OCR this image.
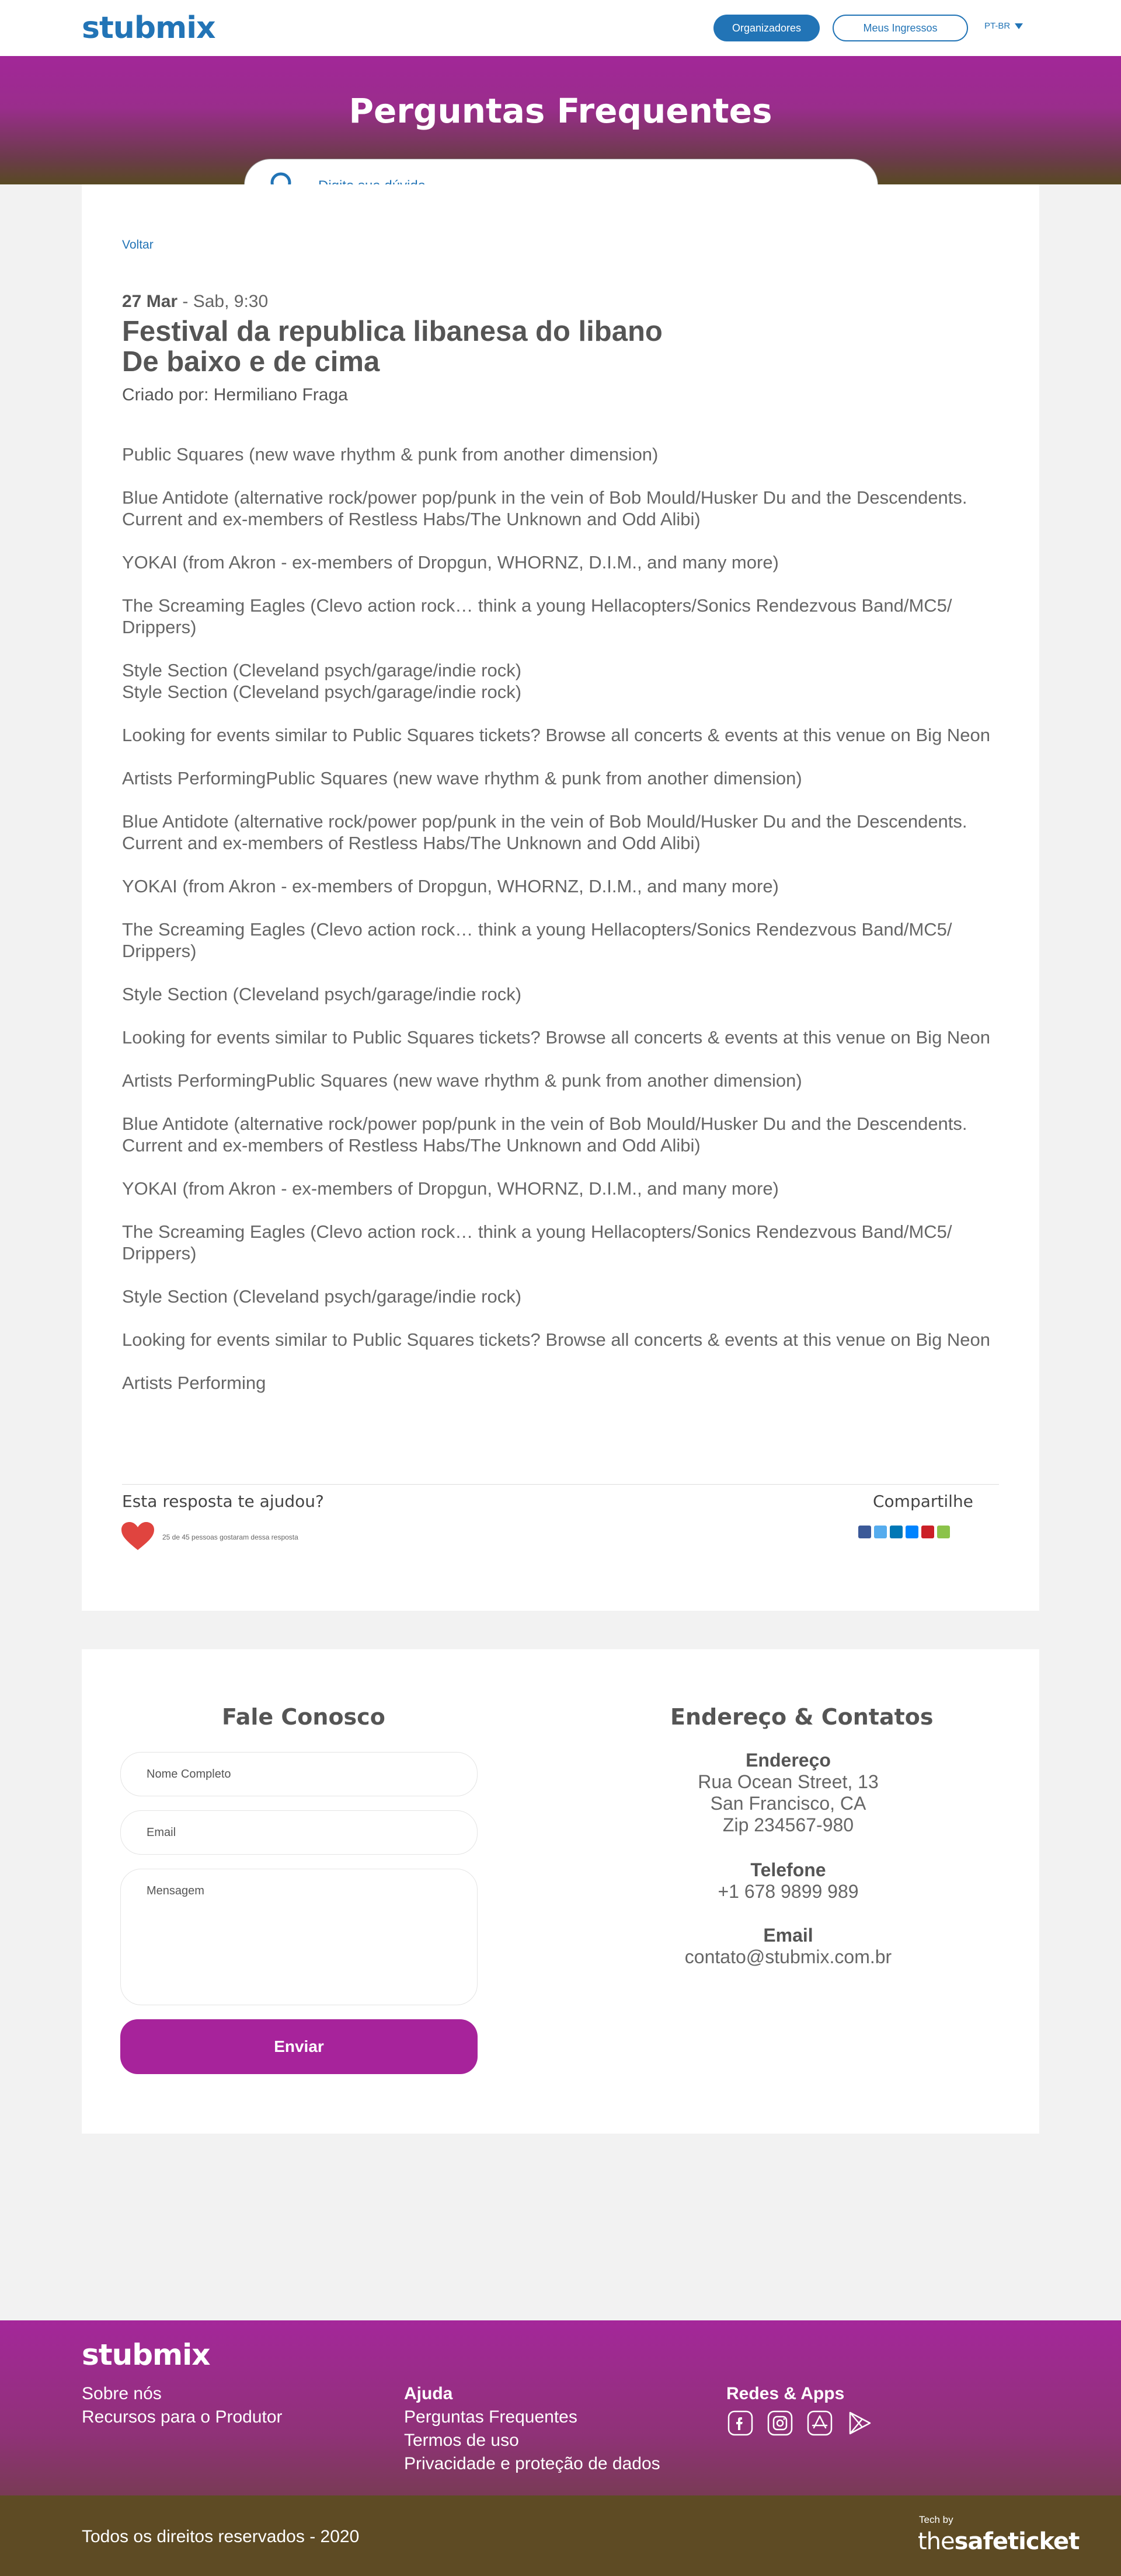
stubmix	Organizadores	Meus Ingressos	PT-BR
Perguntas Frequentes
Voltar
27 Mar - Sab, 9:30
Festival da republica libanesa do libano
De baixo e de cima
Criado por: Hermiliano Fraga

Public Squares (new wave rhythm & punk from another dimension)

Blue Antidote (alternative rock/power pop/punk in the vein of Bob Mould/Husker Du and the Descendents. Current and ex-members of Restless Habs/The Unknown and Odd Alibi)

YOKAI (from Akron - ex-members of Dropgun, WHORNZ, D.I.M., and many more)

The Screaming Eagles (Clevo action rock… think a young Hellacopters/Sonics Rendezvous Band/MC5/ Drippers)

Style Section (Cleveland psych/garage/indie rock)
Style Section (Cleveland psych/garage/indie rock)

Looking for events similar to Public Squares tickets? Browse all concerts & events at this venue on Big Neon

Artists PerformingPublic Squares (new wave rhythm & punk from another dimension)

Blue Antidote (alternative rock/power pop/punk in the vein of Bob Mould/Husker Du and the Descendents. Current and ex-members of Restless Habs/The Unknown and Odd Alibi)

YOKAI (from Akron - ex-members of Dropgun, WHORNZ, D.I.M., and many more)

The Screaming Eagles (Clevo action rock… think a young Hellacopters/Sonics Rendezvous Band/MC5/ Drippers)

Style Section (Cleveland psych/garage/indie rock)

Looking for events similar to Public Squares tickets? Browse all concerts & events at this venue on Big Neon

Artists PerformingPublic Squares (new wave rhythm & punk from another dimension)

Blue Antidote (alternative rock/power pop/punk in the vein of Bob Mould/Husker Du and the Descendents. Current and ex-members of Restless Habs/The Unknown and Odd Alibi)

YOKAI (from Akron - ex-members of Dropgun, WHORNZ, D.I.M., and many more)

The Screaming Eagles (Clevo action rock… think a young Hellacopters/Sonics Rendezvous Band/MC5/ Drippers)

Style Section (Cleveland psych/garage/indie rock)

Looking for events similar to Public Squares tickets? Browse all concerts & events at this venue on Big Neon

Artists Performing

Esta resposta te ajudou?
25 de 45 pessoas gostaram dessa resposta
Compartilhe
Fale Conosco
Nome Completo
Email
Mensagem
Enviar
Endereço & Contatos
Endereço
Rua Ocean Street, 13
San Francisco, CA
Zip 234567-980
Telefone
+1 678 9899 989
Email
contato@stubmix.com.br
stubmix
Sobre nós
Recursos para o Produtor
Ajuda
Perguntas Frequentes
Termos de uso
Privacidade e proteção de dados
Redes & Apps
Todos os direitos reservados - 2020
Tech by
thesafeticket
